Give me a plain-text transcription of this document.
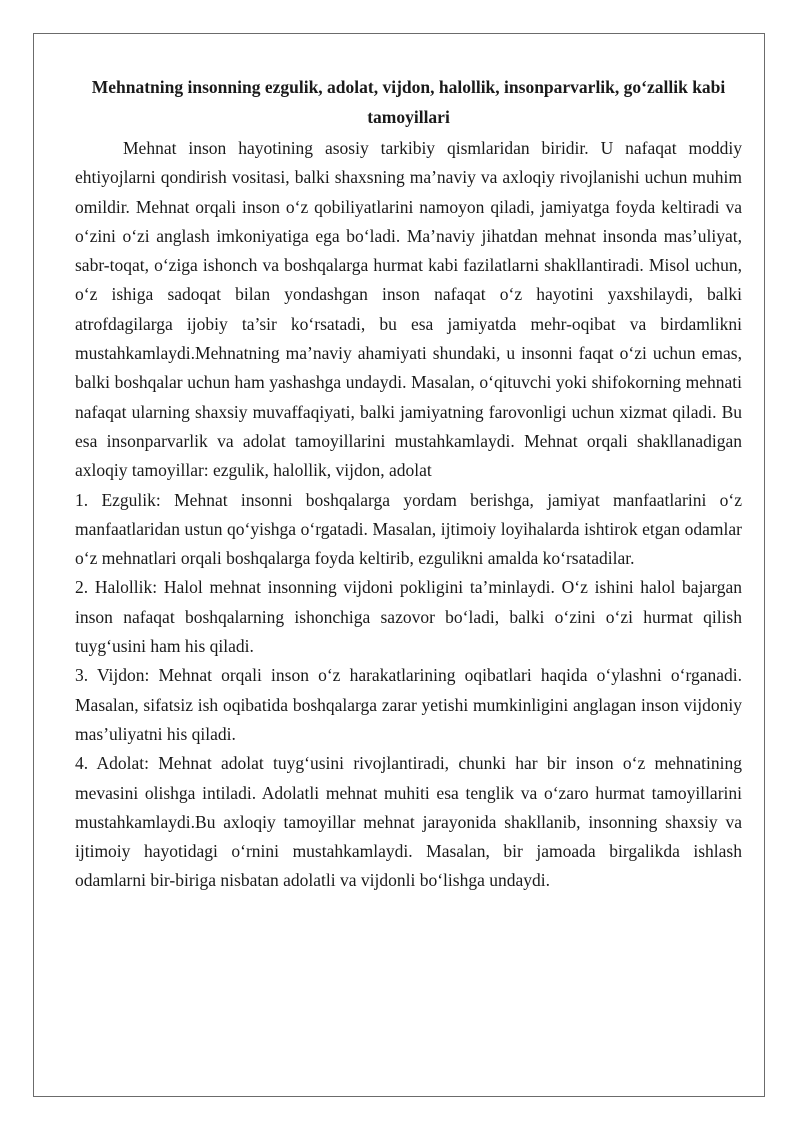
Mehnatning insonning ezgulik, adolat, vijdon, halollik, insonparvarlik, go‘zallik kabi tamoyillari

Mehnat inson hayotining asosiy tarkibiy qismlaridan biridir. U nafaqat moddiy ehtiyojlarni qondirish vositasi, balki shaxsning ma’naviy va axloqiy rivojlanishi uchun muhim omildir. Mehnat orqali inson o‘z qobiliyatlarini namoyon qiladi, jamiyatga foyda keltiradi va o‘zini o‘zi anglash imkoniyatiga ega bo‘ladi. Ma’naviy jihatdan mehnat insonda mas’uliyat, sabr-toqat, o‘ziga ishonch va boshqalarga hurmat kabi fazilatlarni shakllantiradi. Misol uchun, o‘z ishiga sadoqat bilan yondashgan inson nafaqat o‘z hayotini yaxshilaydi, balki atrofdagilarga ijobiy ta’sir ko‘rsatadi, bu esa jamiyatda mehr-oqibat va birdamlikni mustahkamlaydi.Mehnatning ma’naviy ahamiyati shundaki, u insonni faqat o‘zi uchun emas, balki boshqalar uchun ham yashashga undaydi. Masalan, o‘qituvchi yoki shifokorning mehnati nafaqat ularning shaxsiy muvaffaqiyati, balki jamiyatning farovonligi uchun xizmat qiladi. Bu esa insonparvarlik va adolat tamoyillarini mustahkamlaydi. Mehnat orqali shakllanadigan axloqiy tamoyillar: ezgulik, halollik, vijdon, adolat

1. Ezgulik: Mehnat insonni boshqalarga yordam berishga, jamiyat manfaatlarini o‘z manfaatlaridan ustun qo‘yishga o‘rgatadi. Masalan, ijtimoiy loyihalarda ishtirok etgan odamlar o‘z mehnatlari orqali boshqalarga foyda keltirib, ezgulikni amalda ko‘rsatadilar.

2. Halollik: Halol mehnat insonning vijdoni pokligini ta’minlaydi. O‘z ishini halol bajargan inson nafaqat boshqalarning ishonchiga sazovor bo‘ladi, balki o‘zini o‘zi hurmat qilish tuyg‘usini ham his qiladi.

3. Vijdon: Mehnat orqali inson o‘z harakatlarining oqibatlari haqida o‘ylashni o‘rganadi. Masalan, sifatsiz ish oqibatida boshqalarga zarar yetishi mumkinligini anglagan inson vijdoniy mas’uliyatni his qiladi.

4. Adolat: Mehnat adolat tuyg‘usini rivojlantiradi, chunki har bir inson o‘z mehnatining mevasini olishga intiladi. Adolatli mehnat muhiti esa tenglik va o‘zaro hurmat tamoyillarini mustahkamlaydi.Bu axloqiy tamoyillar mehnat jarayonida shakllanib, insonning shaxsiy va ijtimoiy hayotidagi o‘rnini mustahkamlaydi. Masalan, bir jamoada birgalikda ishlash odamlarni bir-biriga nisbatan adolatli va vijdonli bo‘lishga undaydi.
